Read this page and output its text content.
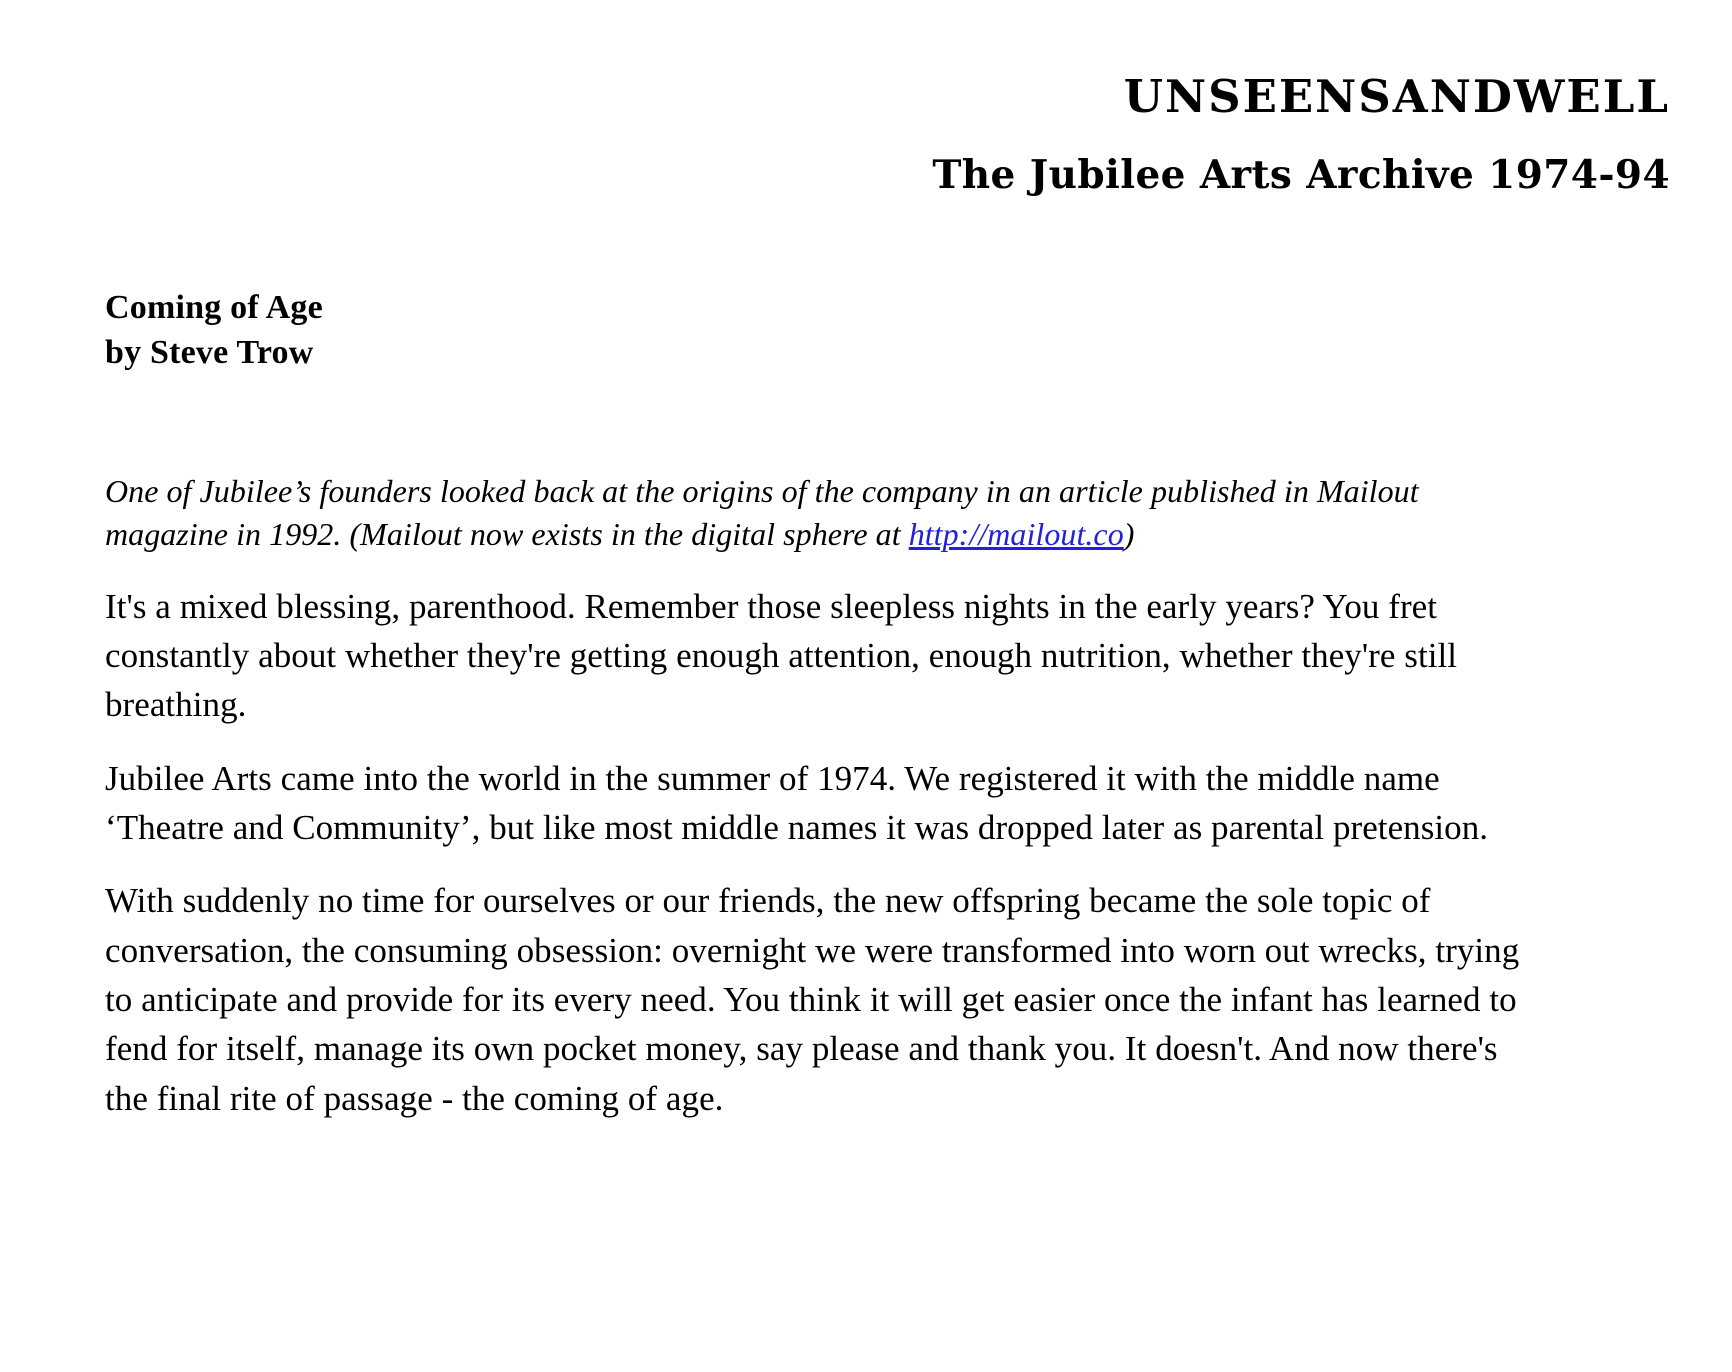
UNSEENSANDWELL
The Jubilee Arts Archive 1974-94
Coming of Age
by Steve Trow

One of Jubilee’s founders looked back at the origins of the company in an article published in Mailout magazine in 1992. (Mailout now exists in the digital sphere at http://mailout.co)

It's a mixed blessing, parenthood. Remember those sleepless nights in the early years? You fret constantly about whether they're getting enough attention, enough nutrition, whether they're still breathing.

Jubilee Arts came into the world in the summer of 1974. We registered it with the middle name ‘Theatre and Community’, but like most middle names it was dropped later as parental pretension.

With suddenly no time for ourselves or our friends, the new offspring became the sole topic of conversation, the consuming obsession: overnight we were transformed into worn out wrecks, trying to anticipate and provide for its every need. You think it will get easier once the infant has learned to fend for itself, manage its own pocket money, say please and thank you. It doesn't. And now there's the final rite of passage - the coming of age.
